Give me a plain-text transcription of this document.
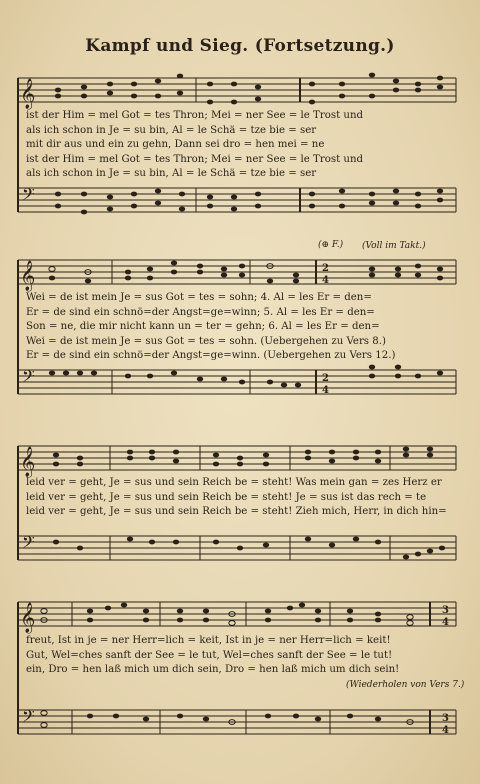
Kampf und Sieg. (Fortsetzung.)
𝄞
𝄢
ist der Him = mel Got = tes Thron; Mei = ner See = le Trost und
als ich schon in Je = su bin, Al = le Schä = tze bie = ser
mit dir aus und ein zu gehn, Dann sei dro = hen mei = ne
ist der Him = mel Got = tes Thron; Mei = ner See = le Trost und
als ich schon in Je = su bin, Al = le Schä = tze bie = ser
(⊕ F.) (Voll im Takt.)
𝄞
𝄢
2
4
2
4
Wei = de ist mein Je = sus Got = tes = sohn; 4. Al = les Er = den=
Er = de sind ein schnö=der Angst=ge=winn; 5. Al = les Er = den=
Son = ne, die mir nicht kann un = ter = gehn; 6. Al = les Er = den=
Wei = de ist mein Je = sus Got = tes = sohn. (Uebergehen zu Vers 8.)
Er = de sind ein schnö=der Angst=ge=winn. (Uebergehen zu Vers 12.)
𝄞
𝄢
leid ver = geht, Je = sus und sein Reich be = steht! Was mein gan = zes Herz er
leid ver = geht, Je = sus und sein Reich be = steht! Je = sus ist das rech = te
leid ver = geht, Je = sus und sein Reich be = steht! Zieh mich, Herr, in dich hin=
𝄞
𝄢
3
4
3
4
freut, Ist in je = ner Herr=lich = keit, Ist in je = ner Herr=lich = keit!
Gut, Wel=ches sanft der See = le tut, Wel=ches sanft der See = le tut!
ein, Dro = hen laß mich um dich sein, Dro = hen laß mich um dich sein!
(Wiederholen von Vers 7.)
